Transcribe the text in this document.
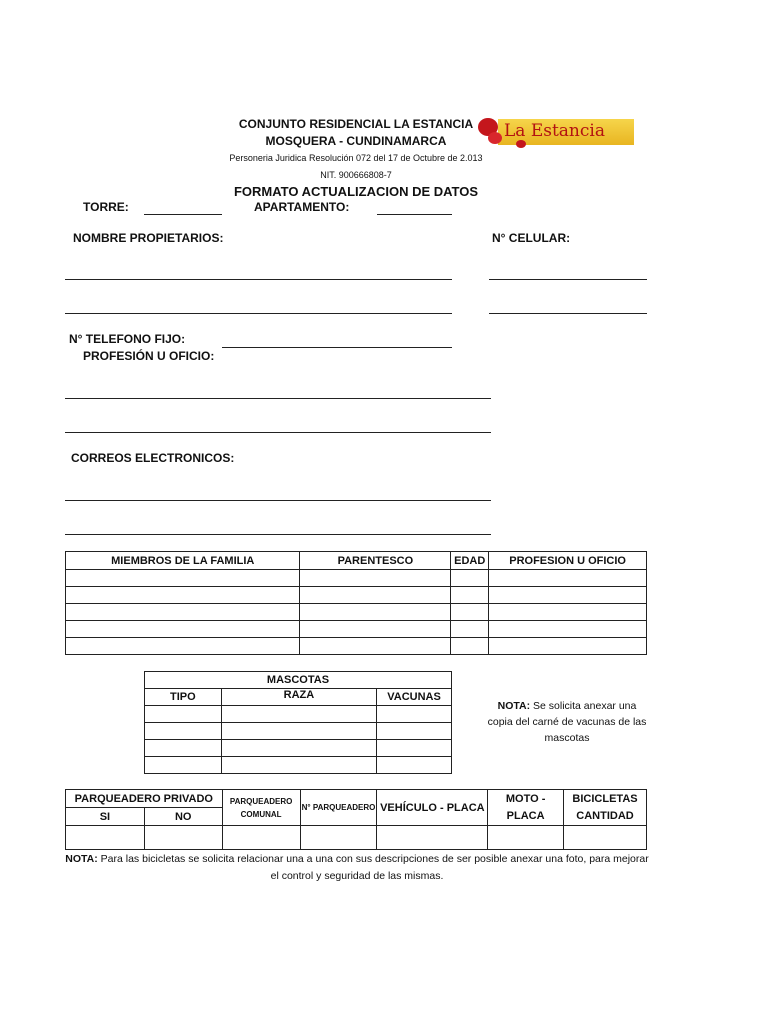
CONJUNTO RESIDENCIAL LA ESTANCIA
MOSQUERA - CUNDINAMARCA
Personeria Juridica Resolución 072 del 17 de Octubre de 2.013
NIT. 900666808-7
FORMATO ACTUALIZACION DE DATOS
La Estancia
TORRE:	APARTAMENTO:
NOMBRE PROPIETARIOS:	N° CELULAR:
N° TELEFONO FIJO:
PROFESIÓN U OFICIO:
CORREOS ELECTRONICOS:
MIEMBROS DE LA FAMILIA	PARENTESCO	EDAD	PROFESION U OFICIO

MASCOTAS		
TIPO	RAZA	VACUNAS

NOTA: Se solicita anexar una copia del carné de vacunas de las mascotas
PARQUEADERO PRIVADO		PARQUEADERO COMUNAL	N° PARQUEADERO	VEHÍCULO - PLACA	MOTO - PLACA	BICICLETAS CANTIDAD
SI	NO					

NOTA: Para las bicicletas se solicita relacionar una a una con sus descripciones de ser posible anexar una foto, para mejorar el control y seguridad de las mismas.
